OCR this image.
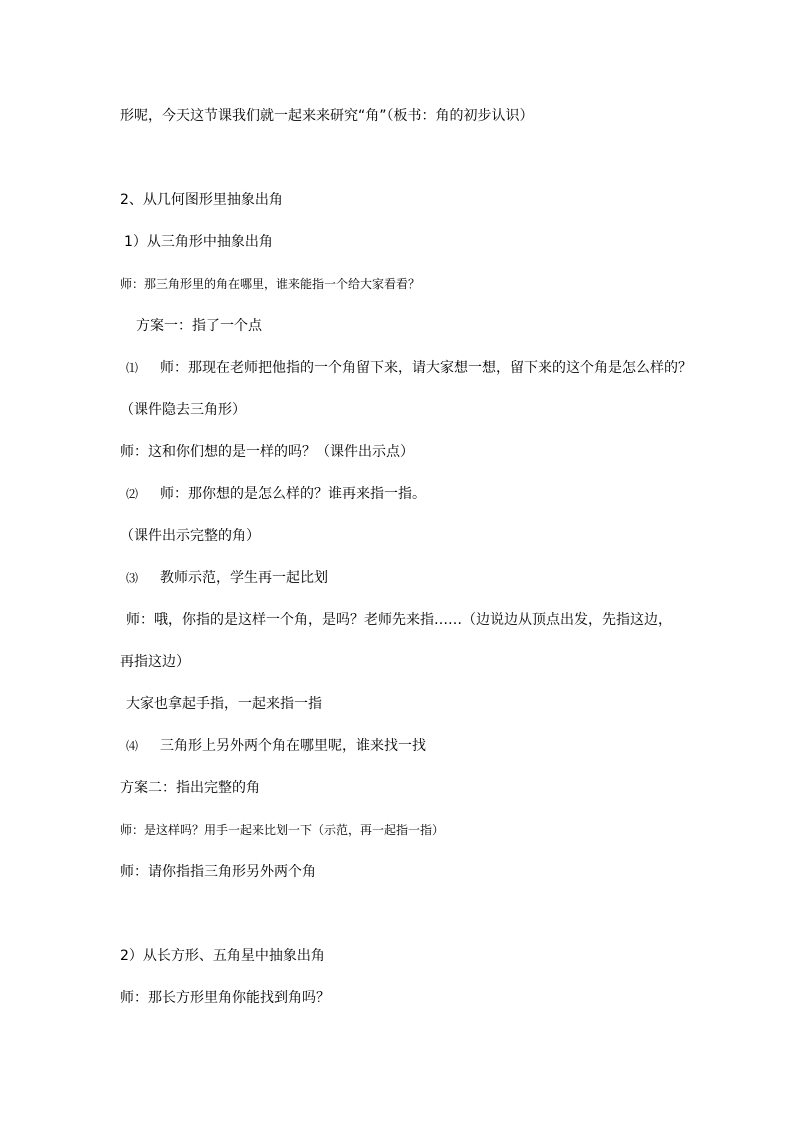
形呢，今天这节课我们就一起来来研究“角”（板书：角的初步认识）
2、从几何图形里抽象出角
1）从三角形中抽象出角
师：那三角形里的角在哪里，谁来能指一个给大家看看？
方案一：指了一个点
⑴ 师：那现在老师把他指的一个角留下来，请大家想一想，留下来的这个角是怎么样的？
（课件隐去三角形）
师：这和你们想的是一样的吗？（课件出示点）
⑵ 师：那你想的是怎么样的？谁再来指一指。
（课件出示完整的角）
⑶ 教师示范，学生再一起比划
师：哦，你指的是这样一个角，是吗？老师先来指……（边说边从顶点出发，先指这边，
再指这边）
大家也拿起手指，一起来指一指
⑷ 三角形上另外两个角在哪里呢，谁来找一找
方案二：指出完整的角
师：是这样吗？用手一起来比划一下（示范，再一起指一指）
师：请你指指三角形另外两个角
2）从长方形、五角星中抽象出角
师：那长方形里角你能找到角吗？
